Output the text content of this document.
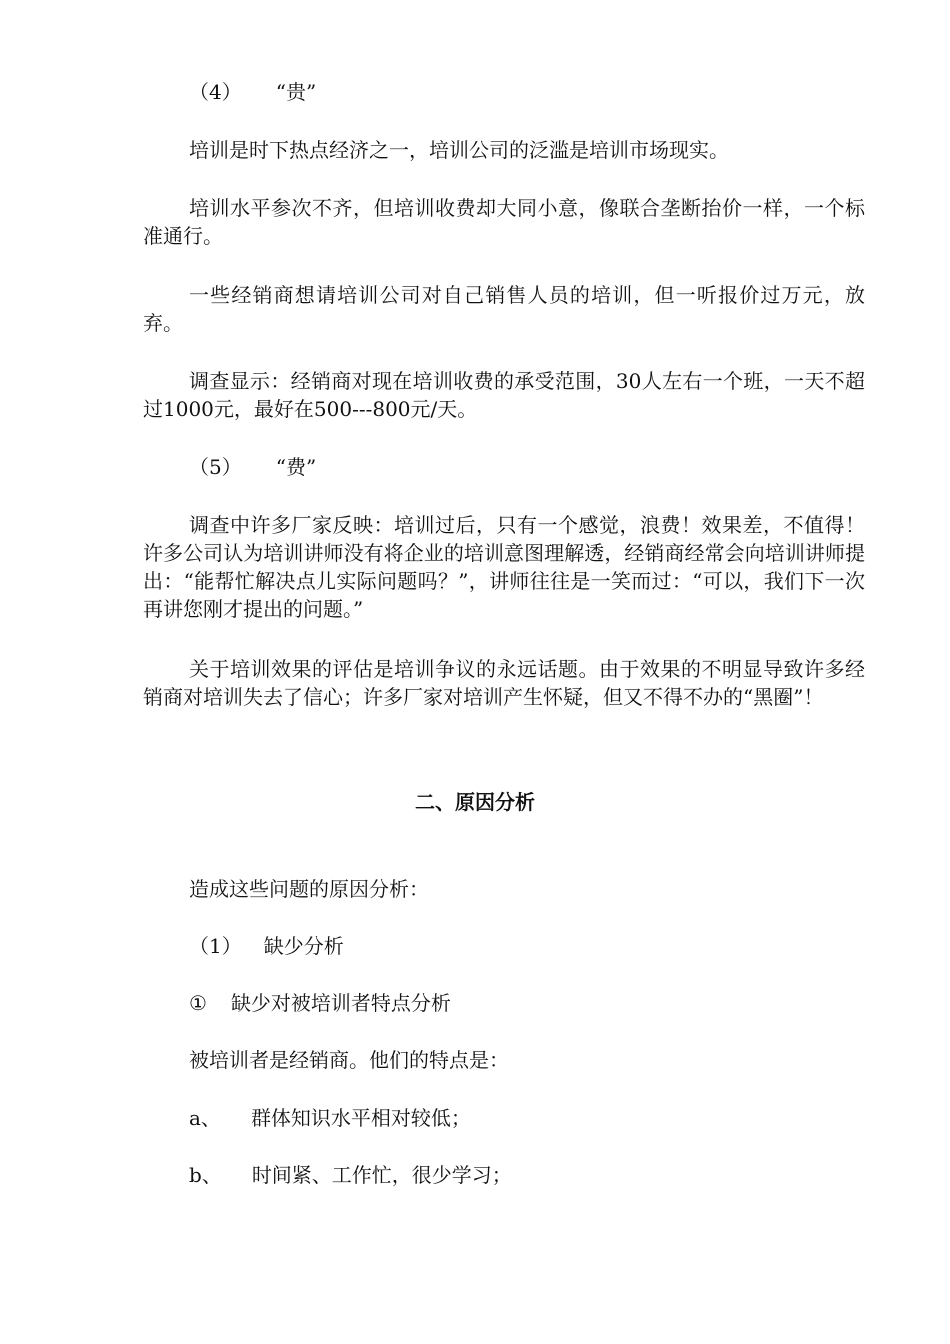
（4） “贵”
培训是时下热点经济之一，培训公司的泛滥是培训市场现实。
培训水平参次不齐，但培训收费却大同小意，像联合垄断抬价一样，一个标准通行。
一些经销商想请培训公司对自己销售人员的培训，但一听报价过万元，放弃。
调查显示：经销商对现在培训收费的承受范围，30人左右一个班，一天不超过1000元，最好在500---800元/天。
（5） “费”
调查中许多厂家反映：培训过后，只有一个感觉，浪费！效果差，不值得！许多公司认为培训讲师没有将企业的培训意图理解透，经销商经常会向培训讲师提出：“能帮忙解决点儿实际问题吗？”，讲师往往是一笑而过：“可以，我们下一次再讲您刚才提出的问题。”
关于培训效果的评估是培训争议的永远话题。由于效果的不明显导致许多经销商对培训失去了信心；许多厂家对培训产生怀疑，但又不得不办的“黑圈”！
二、原因分析
造成这些问题的原因分析：
（1） 缺少分析
① 缺少对被培训者特点分析
被培训者是经销商。他们的特点是：
a、 群体知识水平相对较低；
b、 时间紧、工作忙，很少学习；
